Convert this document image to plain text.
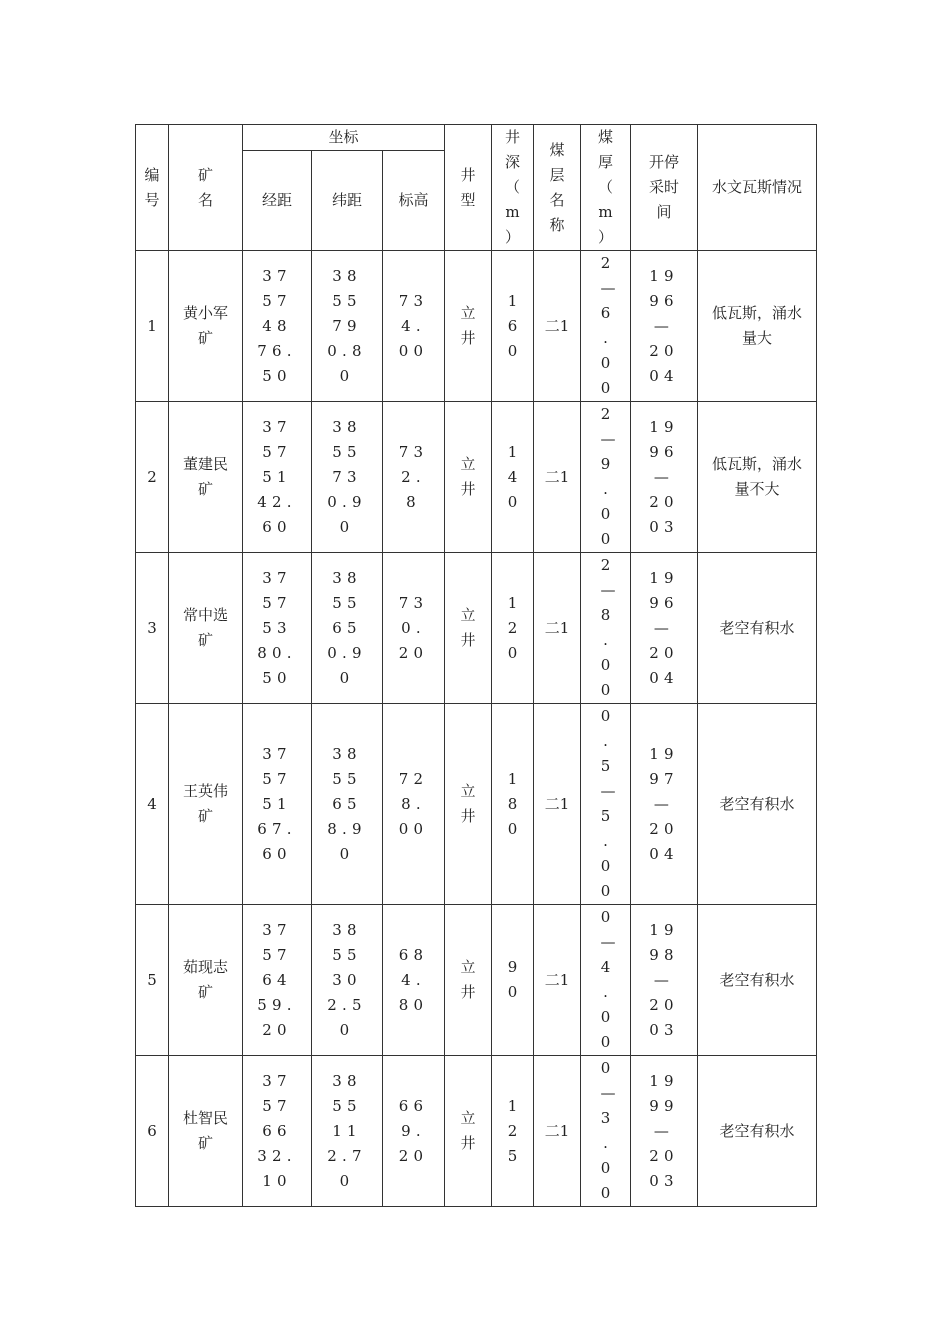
编号	矿名	坐标			井型	井深（m）	煤层名称	煤厚（m）	开停采时间	水文瓦斯情况

		经距	纬距	标高						

1	黄小军矿	37574876.50	3855790.80	734.00	立井	160	二1	2—6.00	1996—2004	低瓦斯，涌水量大

2	董建民矿	37575142.60	3855730.90	732.8	立井	140	二1	2—9.00	1996—2003	低瓦斯，涌水量不大

3	常中选矿	37575380.50	3855650.90	730.20	立井	120	二1	2—8.00	1996—2004	老空有积水

4	王英伟矿	37575167.60	3855658.90	728.00	立井	180	二1	0.5—5.00	1997—2004	老空有积水

5	茹现志矿	37576459.20	3855302.50	684.80	立井	90	二1	0—4.00	1998—2003	老空有积水

6	杜智民矿	37576632.10	3855112.70	669.20	立井	125	二1	0—3.00	1999—2003	老空有积水
